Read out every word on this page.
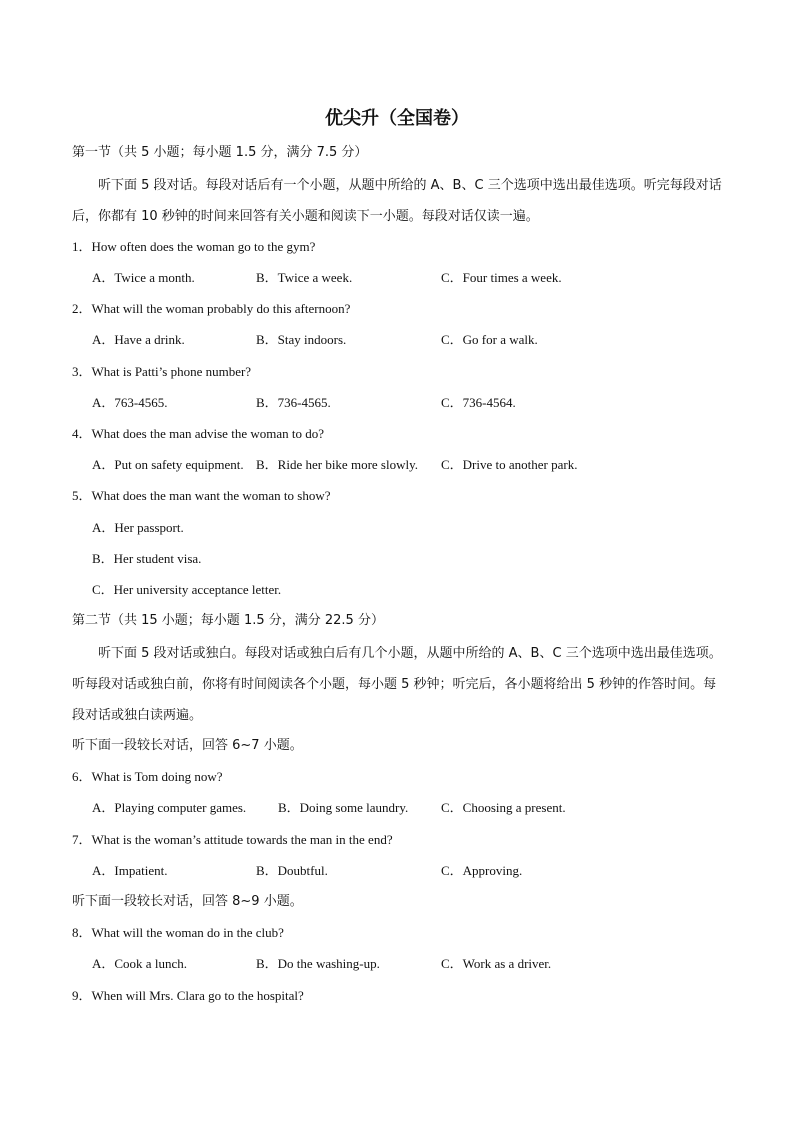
优尖升（全国卷）
第一节（共 5 小题；每小题 1.5 分，满分 7.5 分）
听下面 5 段对话。每段对话后有一个小题，从题中所给的 A、B、C 三个选项中选出最佳选项。听完每段对话后，你都有 10 秒钟的时间来回答有关小题和阅读下一小题。每段对话仅读一遍。
1．How often does the woman go to the gym?
A．Twice a month.	B．Twice a week.	C．Four times a week.
2．What will the woman probably do this afternoon?
A．Have a drink.	B．Stay indoors.	C．Go for a walk.
3．What is Patti’s phone number?
A．763-4565.	B．736-4565.	C．736-4564.
4．What does the man advise the woman to do?
A．Put on safety equipment. B．Ride her bike more slowly. C．Drive to another park.
5．What does the man want the woman to show?
A．Her passport.
B．Her student visa.
C．Her university acceptance letter.
第二节（共 15 小题；每小题 1.5 分，满分 22.5 分）
听下面 5 段对话或独白。每段对话或独白后有几个小题，从题中所给的 A、B、C 三个选项中选出最佳选项。听每段对话或独白前，你将有时间阅读各个小题，每小题 5 秒钟；听完后，各小题将给出 5 秒钟的作答时间。每段对话或独白读两遍。
听下面一段较长对话，回答 6~7 小题。
6．What is Tom doing now?
A．Playing computer games. B．Doing some laundry.	C．Choosing a present.
7．What is the woman’s attitude towards the man in the end?
A．Impatient.	B．Doubtful.	C．Approving.
听下面一段较长对话，回答 8~9 小题。
8．What will the woman do in the club?
A．Cook a lunch.	B．Do the washing-up.	C．Work as a driver.
9．When will Mrs. Clara go to the hospital?
